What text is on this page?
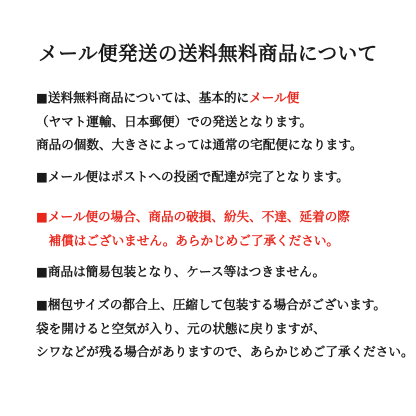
メール便発送の送料無料商品について
■送料無料商品については、基本的にメール便
（ヤマト運輸、日本郵便）での発送となります。
商品の個数、大きさによっては通常の宅配便になります。
■メール便はポストへの投函で配達が完了となります。
■メール便の場合、商品の破損、紛失、不達、延着の際
　補償はございません。あらかじめご了承ください。
■商品は簡易包装となり、ケース等はつきません。
■梱包サイズの都合上、圧縮して包装する場合がございます。
袋を開けると空気が入り、元の状態に戻りますが、
シワなどが残る場合がありますので、あらかじめご了承ください。
